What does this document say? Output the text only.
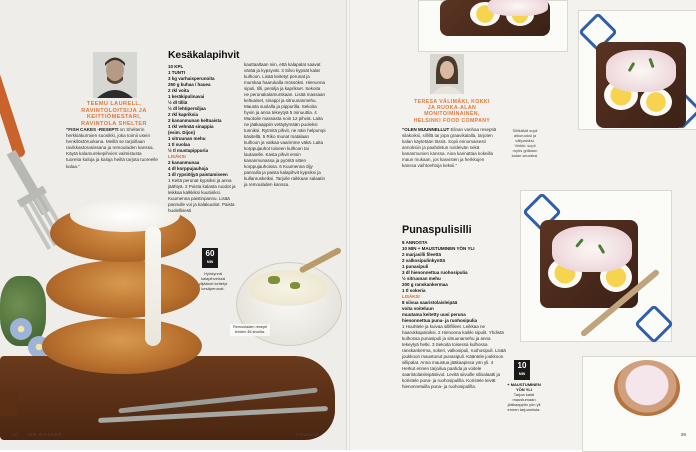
TEEMU LAURELL, RAVINTOLOITSIJA JA KEITTIÖMESTARI, RAVINTOLA SHELTER
”FISH CAKES -RESEPTI on Shelterin herkkiäkurmien suosikki, joka toimii usein henkilöstöruokana. Meillä se tarjoillaan ravikkastorasissana ja remouladen kanssa. Käytä kalamurekepihvien valmistusta tuoreita kaloja ja kaloja heiltä tarjota tuoreelle kalaa.”
Kesäkalapihvit
10 KPL
1 TUNTI
3 kg varhaisperunoita
250 g kuhaa / hauea
2 rkl voita
1 keräkipulinavai
½ dl tilliä
½ dl lehtipersiljaa
2 rkl kapriksia
2 kananmunan keltuaista
1 rkl vehnää sinappia
(esim. Dijon)
1 sitruunan mehu
1 tl suolaa
½ tl mustapippuria
LISÄKSI
2 kananmunaa
4 dl korppujauhoja
1 dl rypsiöljyä paistamiseen
1 Keitä perunat kypsiksi ja anna jäähtyä. 2 Poista kalasta ruodot ja leikkaa kalkkiksi kuutioiksi. Kuumenna paistinpannu. Lisää pannulle voi ja kalakuutiot. Paista huolellisesti
kauttaaltaan niin, että kalapalat saavat värää ja kypsyvät. 3 Silvo kypsät kalat kulhoon. Lisää keitetyt perunat ja murskaa haarukalla mössöksi. Hienonna sipuli, tilli, persilja ja kaprikset. Sekoita ne perunakalamurskaan. Lisää massaan keltuaiset, sinappi ja sitruunanmehu. Mausta suolalla ja pippurilla. Sekoita hyvin ja anna tekeytyä 5 minuuttia. 4 Muotoile massasta noin 12 pihviä. Laita ne jääkaappiin vetäytymään puoleksi tunniksi. Rytmitä pihvit, ne näin helpompi käsitellä. 5 Riko munat matalaan kulhoon ja vatkaa vaarimme väkä. Laita korppujauhot toiseen kulhoon tai lautaselle. Kasta pihvit ensin kananmunassa ja pyöritä sitten korppujauhoissa. 6 Kuumenna öljy pannulla ja paista kalapihvit kypsiksi ja kullanruskeiksi. Tarjoile raikkaan salaatin ja remouladen kanssa.
60
MIN
Hyödynnä kalapihveissä ylijäänet keitetyt kesäperunat.
Remouladen resepti lehden 46 sivuilta.
38 ME NAISET	menaiset.fi
TERESA VÄLIMÄKI, KOKKI JA RUOKA-ALAN MONITOIMINAINEN, HELSINKI FOOD COMPANY
”OLEN MUUNNELLUT Elinan vanhaa reseptiä silakoiksi, sillillä tai jopa graavikalalla, tarjoten kalan käytetään tässä. Sopii erinomaisesti annoksiin ja paahdetun ruisleivän sekä kananmunien kanssa. Aina kannattaa kokeilla maun mukaan, jos kasvisten ja herkkujen kanssa vaihtoehtoja keksii.”
Sillikäkiä sopii alkuruoksi ja välipalaksi. Vinkki: sopii myös grillatun kalan seuraksi.
Punaspulisilli
8 ANNOSTA
10 MIN + MAUSTUMINEN YÖN YLI
2 marjasilli fileettä
2 valkosipulinkynttä
1 punasipuli
3 dl hienonnettua ruohosipulia
½ sitruunan mehu
200 g ranskankermaa
1 tl sokeria
LISÄKSI
8 siivua saaristolaisleipää
voita voiteluun
muutama keitetty uusi peruna
hienonnettua puna- ja ruohosipulia
1 Huuhtele ja kuivaa silliflileet. Leikkaa ne haarukkapaloiksi. 2 Hienonna kaikki sipulit. Yhdistä kulhossa punasipuli ja sitruunamehu ja anna tekeytyä hetki. 3 Sekoita toisessa kulhossa ranskankerma, sokeri, valkosipuli, ruohosipuli. Lisää joukkoon maustunut punasipuli. Kääntele joukkoon sillipalat. Anna maustua jääkaapissa yön yli. 4 Herkut ennen tarjoilua paahda ja voitele saaristolaisleipäsiivut. Levitä siivuille silisalaatti ja koristele puna- ja ruohosipulilla. Koristele leivät hienonnetuilla puna- ja ruohosipulilla.
10
MIN
+ MAUSTUMINEN YÖN YLI
Tarjoa kalat maustumaan jääkaappiin yön yli ennen tarjoamista.
39
